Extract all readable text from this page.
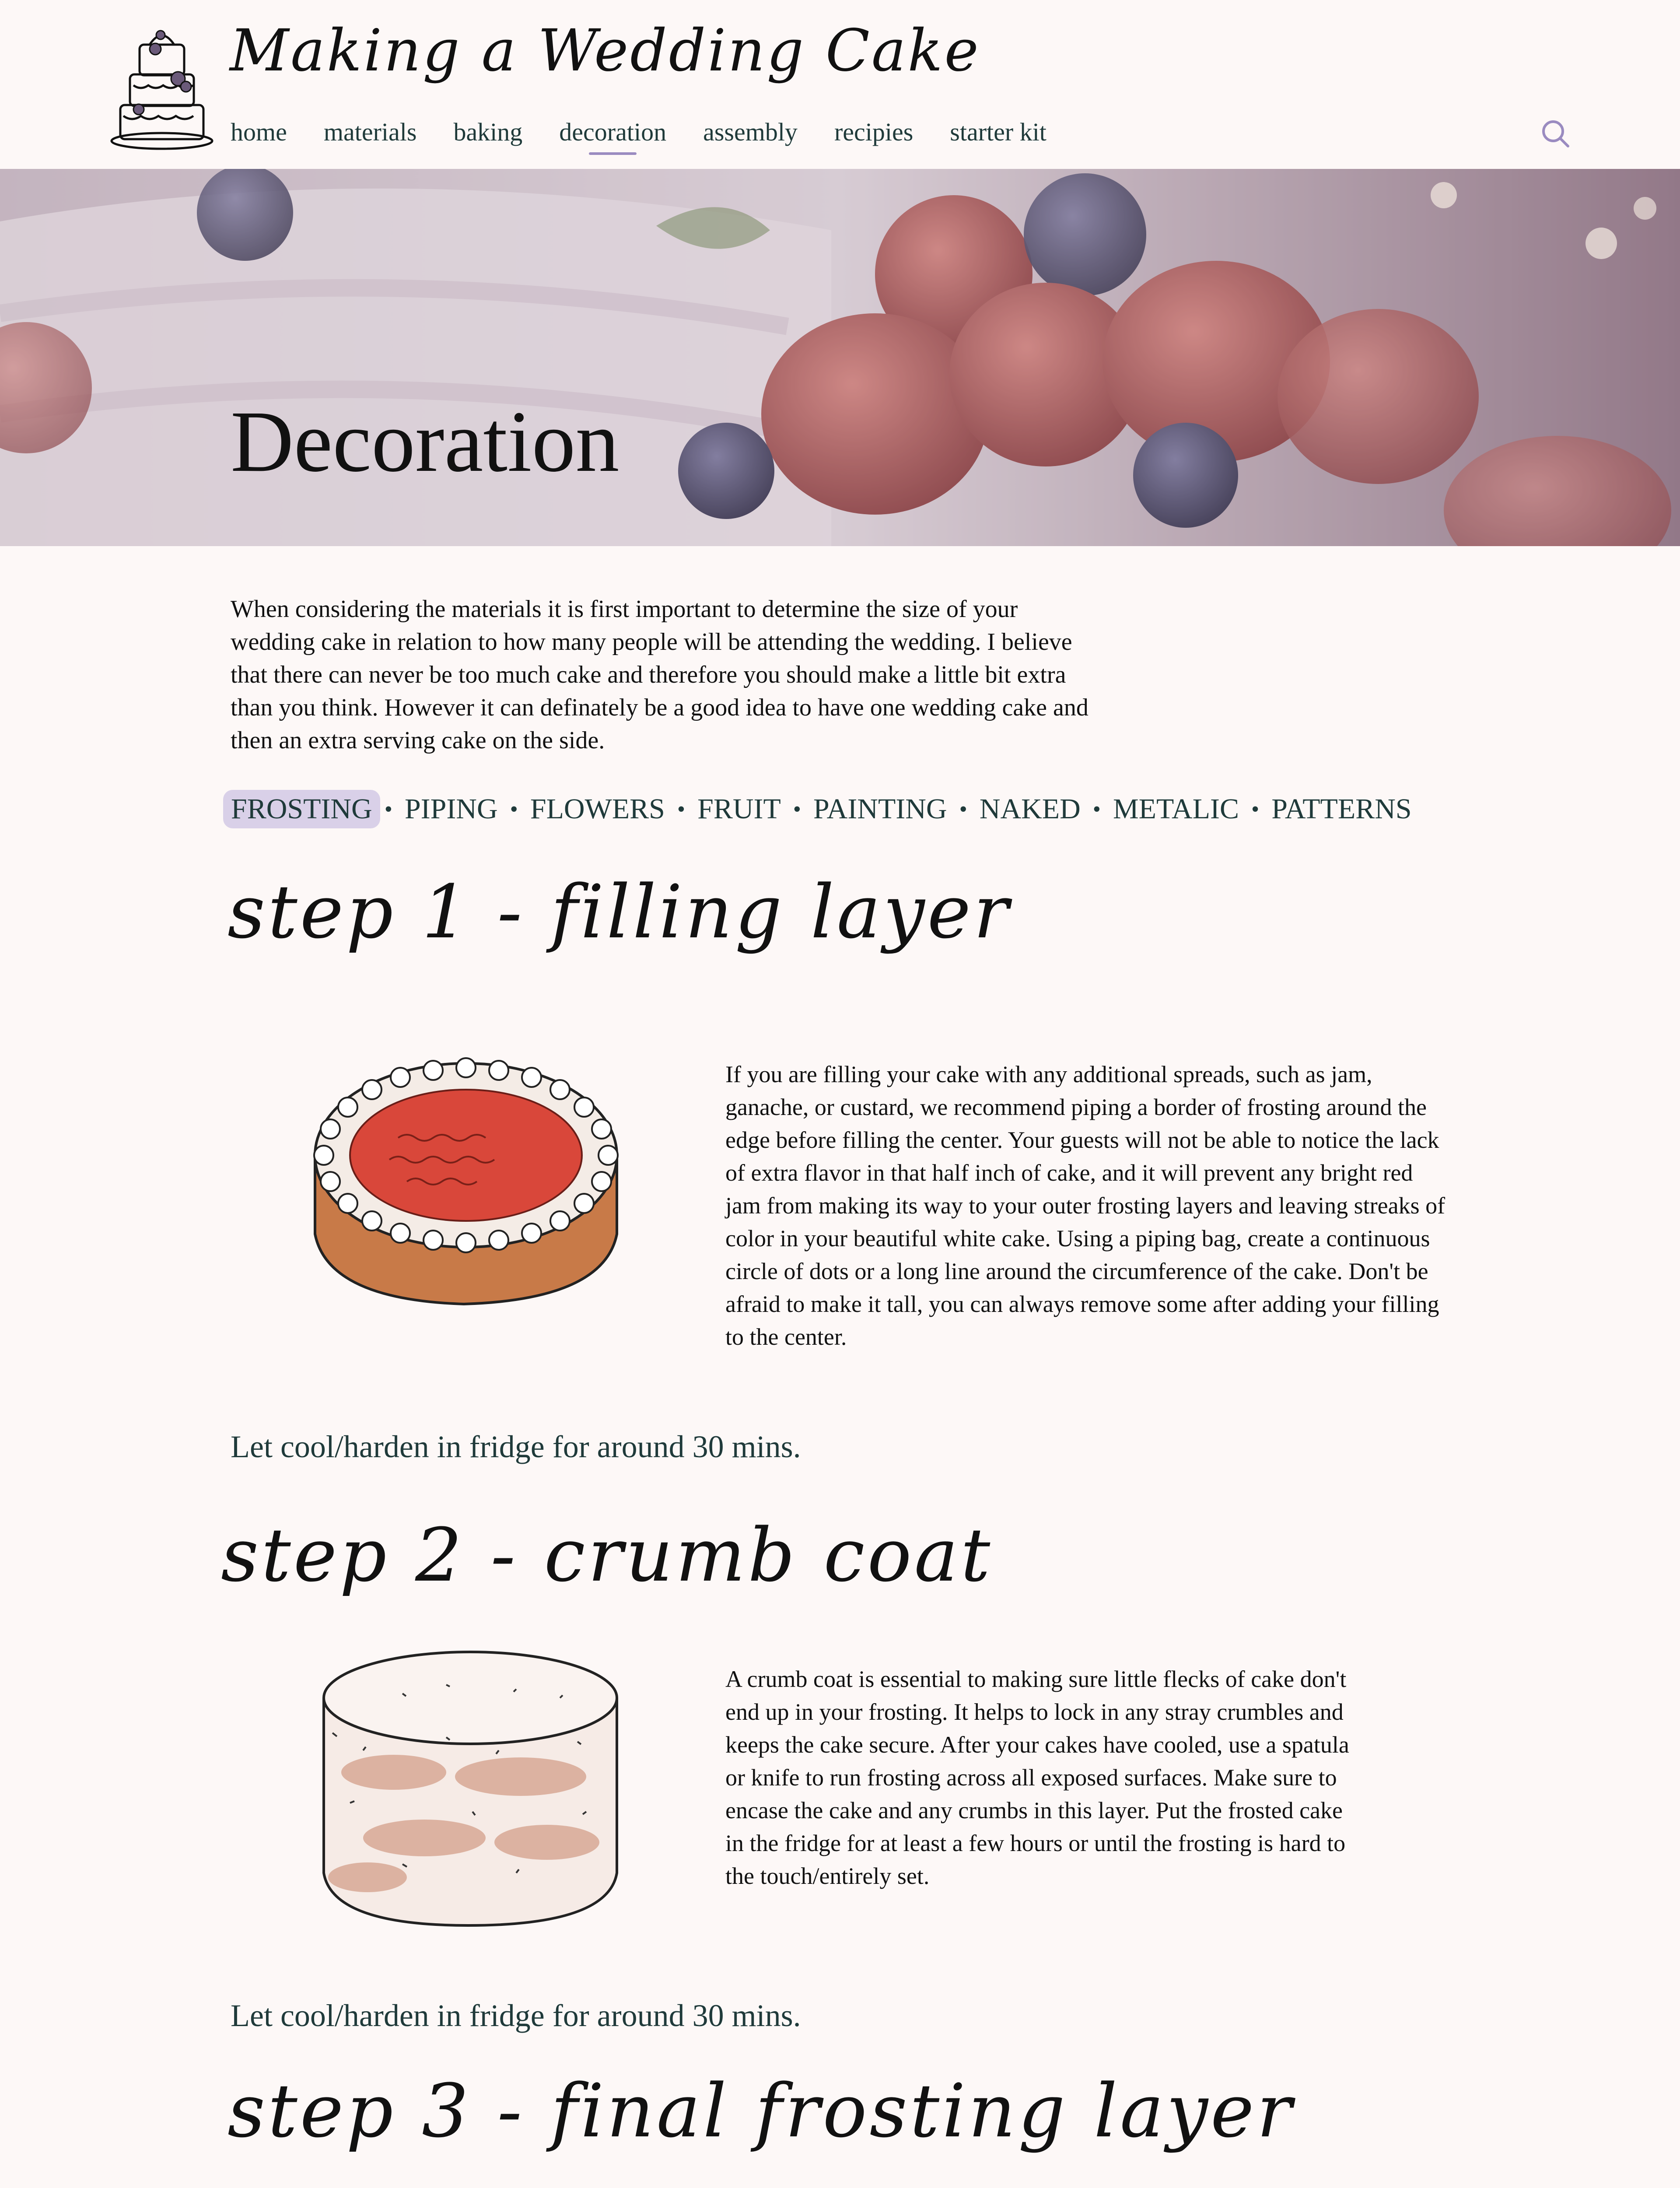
Making a Wedding Cake
home materials baking decoration assembly recipies starter kit
Decoration
When considering the materials it is first important to determine the size of your wedding cake in relation to how many people will be attending the wedding. I believe that there can never be too much cake and therefore you should make a little bit extra than you think. However it can definately be a good idea to have one wedding cake and then an extra serving cake on the side.
FROSTING • PIPING • FLOWERS • FRUIT • PAINTING • NAKED • METALIC • PATTERNS
step 1 - filling layer
If you are filling your cake with any additional spreads, such as jam, ganache, or custard, we recommend piping a border of frosting around the edge before filling the center. Your guests will not be able to notice the lack of extra flavor in that half inch of cake, and it will prevent any bright red jam from making its way to your outer frosting layers and leaving streaks of color in your beautiful white cake. Using a piping bag, create a continuous circle of dots or a long line around the circumference of the cake. Don't be afraid to make it tall, you can always remove some after adding your filling to the center.
Let cool/harden in fridge for around 30 mins.
step 2 - crumb coat
A crumb coat is essential to making sure little flecks of cake don't end up in your frosting. It helps to lock in any stray crumbles and keeps the cake secure. After your cakes have cooled, use a spatula or knife to run frosting across all exposed surfaces. Make sure to encase the cake and any crumbs in this layer. Put the frosted cake in the fridge for at least a few hours or until the frosting is hard to the touch/entirely set.
Let cool/harden in fridge for around 30 mins.
step 3 - final frosting layer
